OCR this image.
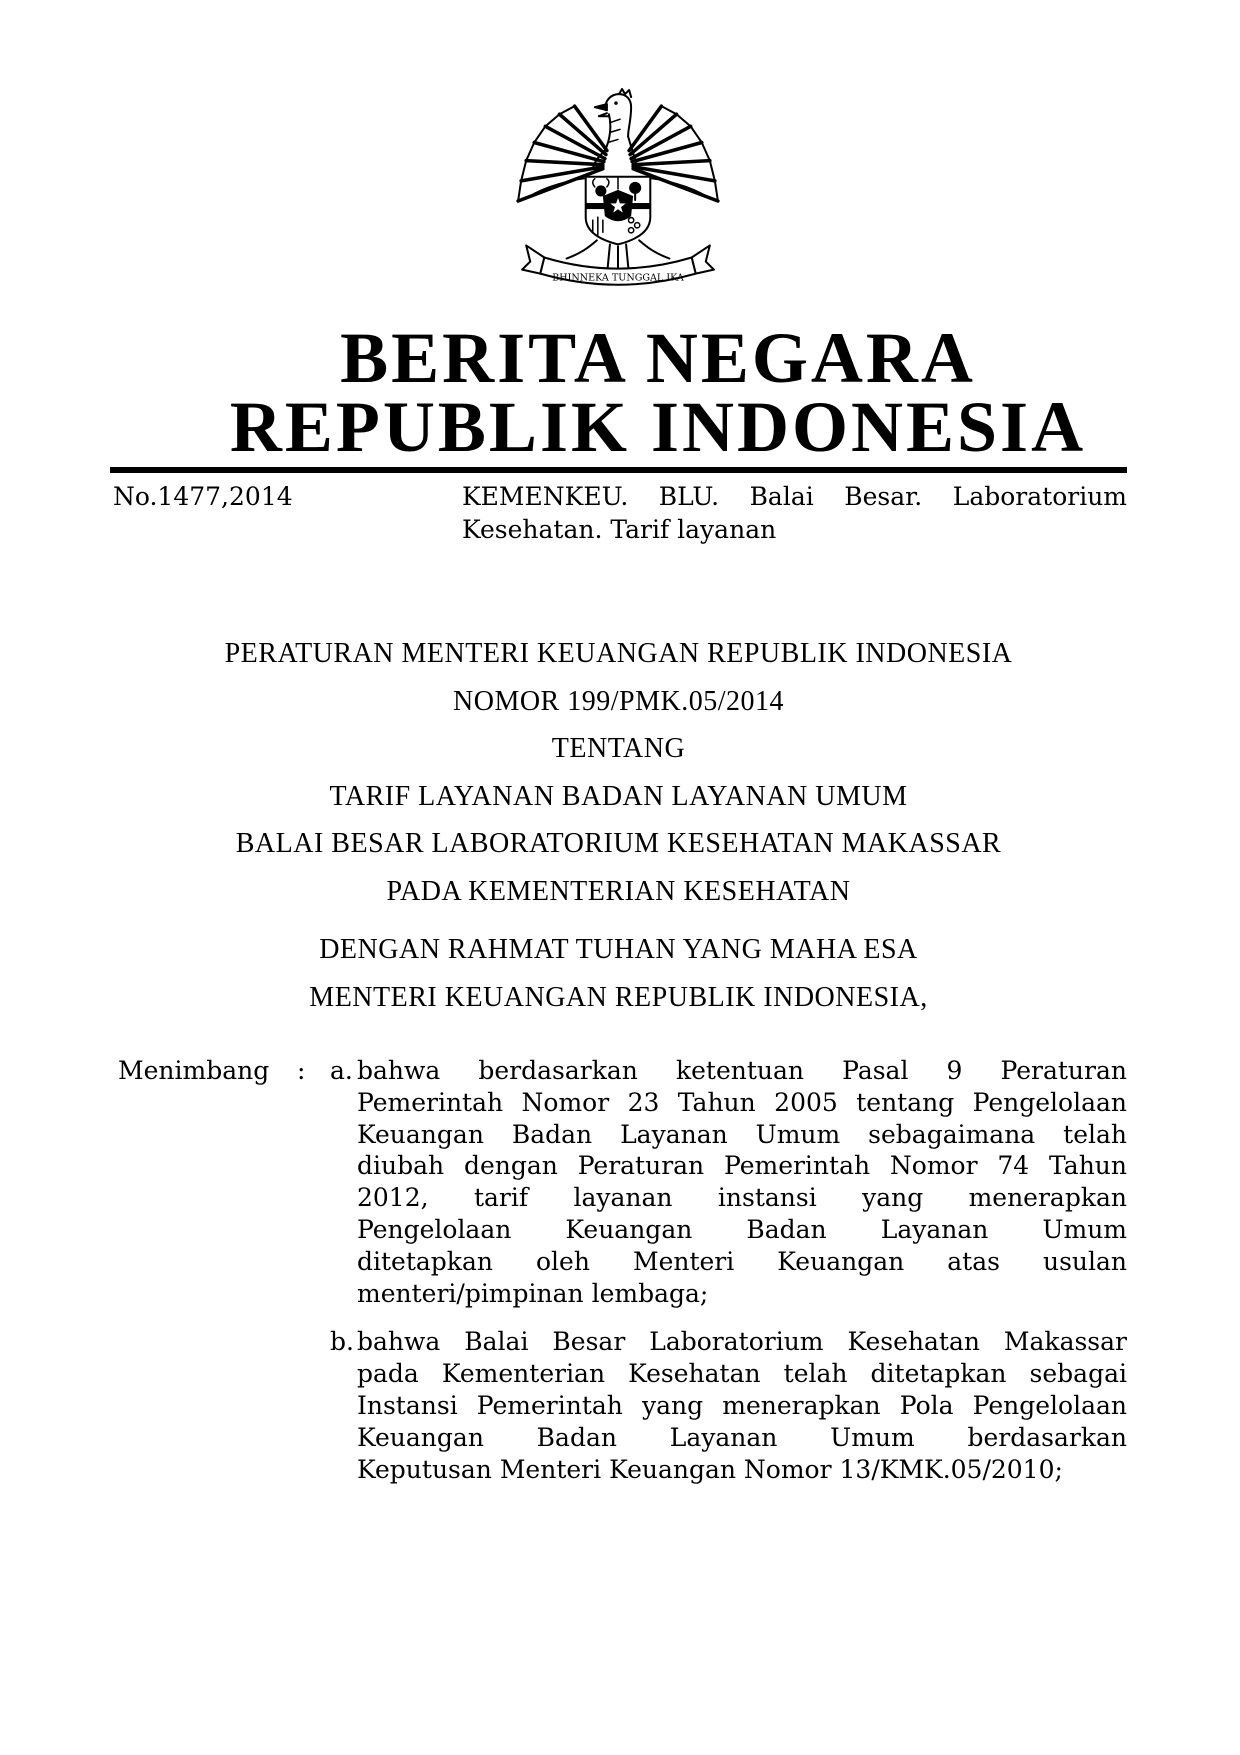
BHINNEKA TUNGGAL IKA
BERITA NEGARA
REPUBLIK INDONESIA
No.1477,2014	KEMENKEU. BLU. Balai Besar. Laboratorium
Kesehatan. Tarif layanan
PERATURAN MENTERI KEUANGAN REPUBLIK INDONESIA
NOMOR 199/PMK.05/2014
TENTANG
TARIF LAYANAN BADAN LAYANAN UMUM
BALAI BESAR LABORATORIUM KESEHATAN MAKASSAR
PADA KEMENTERIAN KESEHATAN
DENGAN RAHMAT TUHAN YANG MAHA ESA
MENTERI KEUANGAN REPUBLIK INDONESIA,
Menimbang	: a. bahwa berdasarkan ketentuan Pasal 9 Peraturan
Pemerintah Nomor 23 Tahun 2005 tentang Pengelolaan
Keuangan Badan Layanan Umum sebagaimana telah
diubah dengan Peraturan Pemerintah Nomor 74 Tahun
2012, tarif layanan instansi yang menerapkan
Pengelolaan Keuangan Badan Layanan Umum
ditetapkan oleh Menteri Keuangan atas usulan
menteri/pimpinan lembaga;
b. bahwa Balai Besar Laboratorium Kesehatan Makassar
pada Kementerian Kesehatan telah ditetapkan sebagai
Instansi Pemerintah yang menerapkan Pola Pengelolaan
Keuangan Badan Layanan Umum berdasarkan
Keputusan Menteri Keuangan Nomor 13/KMK.05/2010;
